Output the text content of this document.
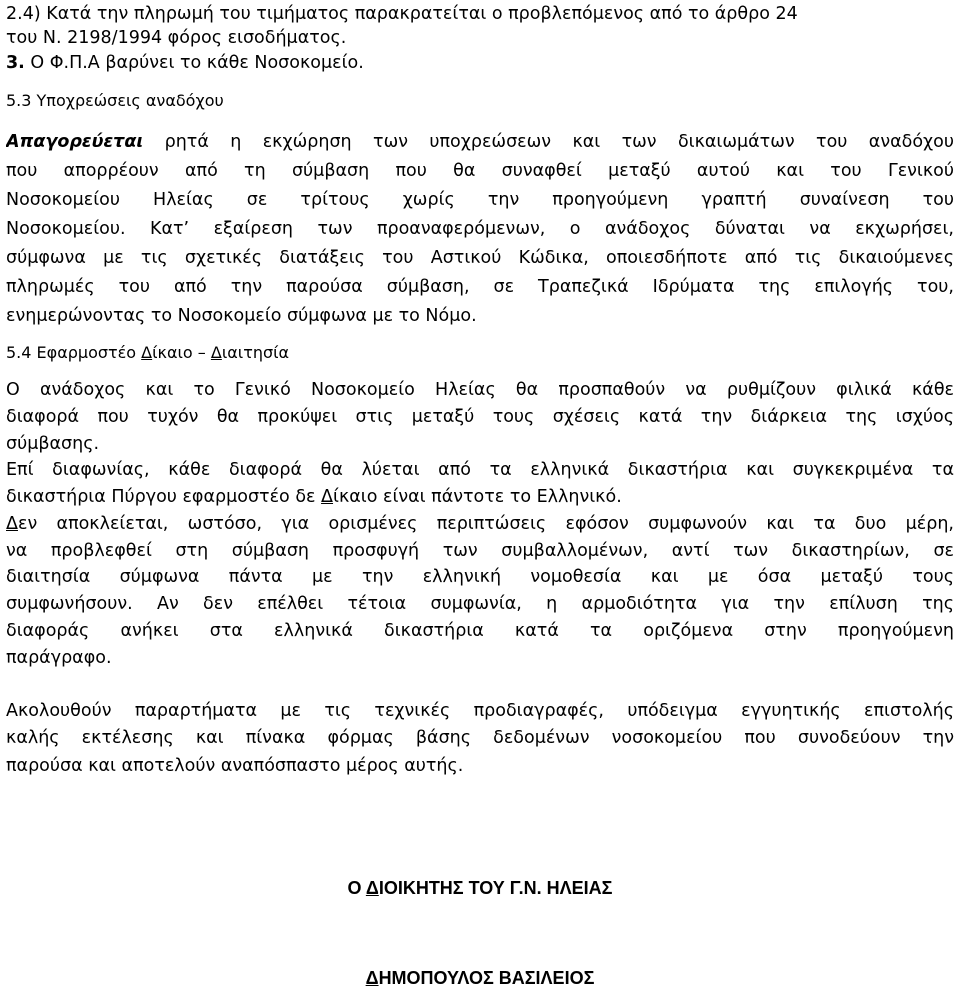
2.4) Κατά την πληρωμή του τιμήματος παρακρατείται ο προβλεπόμενος από το άρθρο 24
του Ν. 2198/1994 φόρος εισοδήματος.
3. Ο Φ.Π.Α βαρύνει το κάθε Νοσοκομείο.
5.3 Υποχρεώσεις αναδόχου
Απαγορεύεται ρητά η εκχώρηση των υποχρεώσεων και των δικαιωμάτων του αναδόχου
που απορρέουν από τη σύμβαση που θα συναφθεί μεταξύ αυτού και του Γενικού
Νοσοκομείου Ηλείας σε τρίτους χωρίς την προηγούμενη γραπτή συναίνεση του
Νοσοκομείου. Κατ’ εξαίρεση των προαναφερόμενων, ο ανάδοχος δύναται να εκχωρήσει,
σύμφωνα με τις σχετικές διατάξεις του Αστικού Κώδικα, οποιεσδήποτε από τις δικαιούμενες
πληρωμές του από την παρούσα σύμβαση, σε Τραπεζικά Ιδρύματα της επιλογής του,
ενημερώνοντας το Νοσοκομείο σύμφωνα με το Νόμο.
5.4 Εφαρμοστέο Δίκαιο – Διαιτησία
Ο ανάδοχος και το Γενικό Νοσοκομείο Ηλείας θα προσπαθούν να ρυθμίζουν φιλικά κάθε
διαφορά που τυχόν θα προκύψει στις μεταξύ τους σχέσεις κατά την διάρκεια της ισχύος
σύμβασης.
Επί διαφωνίας, κάθε διαφορά θα λύεται από τα ελληνικά δικαστήρια και συγκεκριμένα τα
δικαστήρια Πύργου εφαρμοστέο δε Δίκαιο είναι πάντοτε το Ελληνικό.
Δεν αποκλείεται, ωστόσο, για ορισμένες περιπτώσεις εφόσον συμφωνούν και τα δυο μέρη,
να προβλεφθεί στη σύμβαση προσφυγή των συμβαλλομένων, αντί των δικαστηρίων, σε
διαιτησία σύμφωνα πάντα με την ελληνική νομοθεσία και με όσα μεταξύ τους
συμφωνήσουν. Αν δεν επέλθει τέτοια συμφωνία, η αρμοδιότητα για την επίλυση της
διαφοράς ανήκει στα ελληνικά δικαστήρια κατά τα οριζόμενα στην προηγούμενη
παράγραφο.
Ακολουθούν παραρτήματα με τις τεχνικές προδιαγραφές, υπόδειγμα εγγυητικής επιστολής
καλής εκτέλεσης και πίνακα φόρμας βάσης δεδομένων νοσοκομείου που συνοδεύουν την
παρούσα και αποτελούν αναπόσπαστο μέρος αυτής.
Ο ΔΙΟΙΚΗΤΗΣ ΤΟΥ Γ.Ν. ΗΛΕΙΑΣ
ΔΗΜΟΠΟΥΛΟΣ ΒΑΣΙΛΕΙΟΣ
